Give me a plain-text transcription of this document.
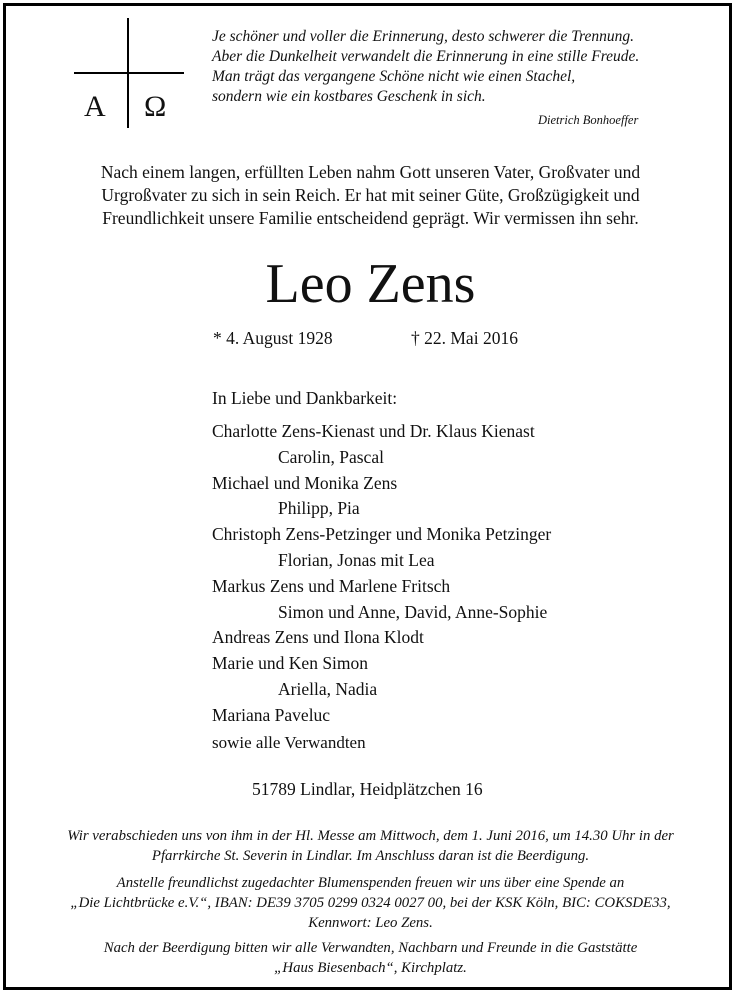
Α Ω
Je schöner und voller die Erinnerung, desto schwerer die Trennung.
Aber die Dunkelheit verwandelt die Erinnerung in eine stille Freude.
Man trägt das vergangene Schöne nicht wie einen Stachel,
sondern wie ein kostbares Geschenk in sich.
Dietrich Bonhoeffer
Nach einem langen, erfüllten Leben nahm Gott unseren Vater, Großvater und
Urgroßvater zu sich in sein Reich. Er hat mit seiner Güte, Großzügigkeit und
Freundlichkeit unsere Familie entscheidend geprägt. Wir vermissen ihn sehr.
Leo Zens
* 4. August 1928	† 22. Mai 2016
In Liebe und Dankbarkeit:
Charlotte Zens-Kienast und Dr. Klaus Kienast
Carolin, Pascal
Michael und Monika Zens
Philipp, Pia
Christoph Zens-Petzinger und Monika Petzinger
Florian, Jonas mit Lea
Markus Zens und Marlene Fritsch
Simon und Anne, David, Anne-Sophie
Andreas Zens und Ilona Klodt
Marie und Ken Simon
Ariella, Nadia
Mariana Paveluc
sowie alle Verwandten
51789 Lindlar, Heidplätzchen 16
Wir verabschieden uns von ihm in der Hl. Messe am Mittwoch, dem 1. Juni 2016, um 14.30 Uhr in der
Pfarrkirche St. Severin in Lindlar. Im Anschluss daran ist die Beerdigung.
Anstelle freundlichst zugedachter Blumenspenden freuen wir uns über eine Spende an
„Die Lichtbrücke e.V.“, IBAN: DE39 3705 0299 0324 0027 00, bei der KSK Köln, BIC: COKSDE33,
Kennwort: Leo Zens.
Nach der Beerdigung bitten wir alle Verwandten, Nachbarn und Freunde in die Gaststätte
„Haus Biesenbach“, Kirchplatz.
